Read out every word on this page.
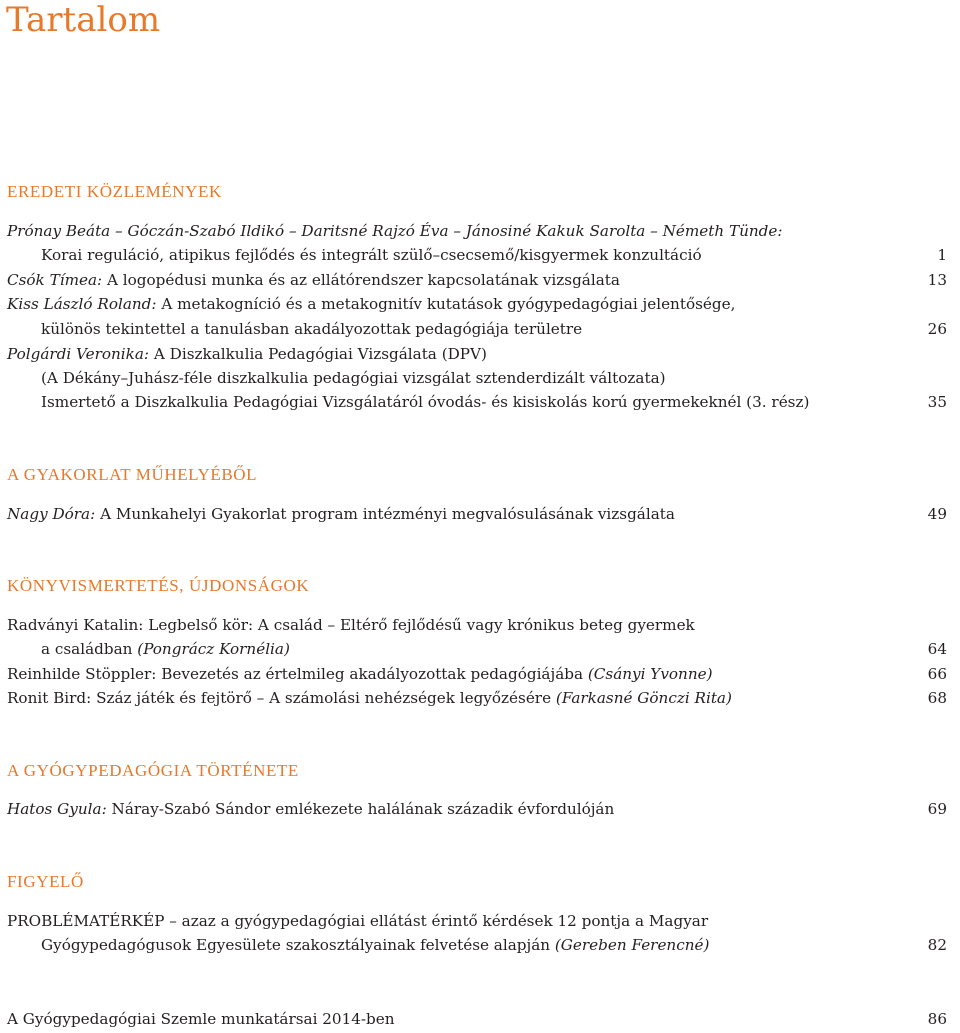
Tartalom
EREDETI KÖZLEMÉNYEK
Prónay Beáta – Góczán-Szabó Ildikó – Daritsné Rajzó Éva – Jánosiné Kakuk Sarolta – Németh Tünde:
Korai reguláció, atipikus fejlődés és integrált szülő–csecsemő/kisgyermek konzultáció	1
Csók Tímea: A logopédusi munka és az ellátórendszer kapcsolatának vizsgálata	13
Kiss László Roland: A metakogníció és a metakognitív kutatások gyógypedagógiai jelentősége,
különös tekintettel a tanulásban akadályozottak pedagógiája területre	26
Polgárdi Veronika: A Diszkalkulia Pedagógiai Vizsgálata (DPV)
(A Dékány–Juhász-féle diszkalkulia pedagógiai vizsgálat sztenderdizált változata)
Ismertető a Diszkalkulia Pedagógiai Vizsgálatáról óvodás- és kisiskolás korú gyermekeknél (3. rész)	35
A GYAKORLAT MŰHELYÉBŐL
Nagy Dóra: A Munkahelyi Gyakorlat program intézményi megvalósulásának vizsgálata	49
KÖNYVISMERTETÉS, ÚJDONSÁGOK
Radványi Katalin: Legbelső kör: A család – Eltérő fejlődésű vagy krónikus beteg gyermek
a családban (Pongrácz Kornélia)	64
Reinhilde Stöppler: Bevezetés az értelmileg akadályozottak pedagógiájába (Csányi Yvonne)	66
Ronit Bird: Száz játék és fejtörő – A számolási nehézségek legyőzésére (Farkasné Gönczi Rita)	68
A GYÓGYPEDAGÓGIA TÖRTÉNETE
Hatos Gyula: Náray-Szabó Sándor emlékezete halálának századik évfordulóján	69
FIGYELŐ
PROBLÉMATÉRKÉP – azaz a gyógypedagógiai ellátást érintő kérdések 12 pontja a Magyar
Gyógypedagógusok Egyesülete szakosztályainak felvetése alapján (Gereben Ferencné)	82
A Gyógypedagógiai Szemle munkatársai 2014-ben	86
